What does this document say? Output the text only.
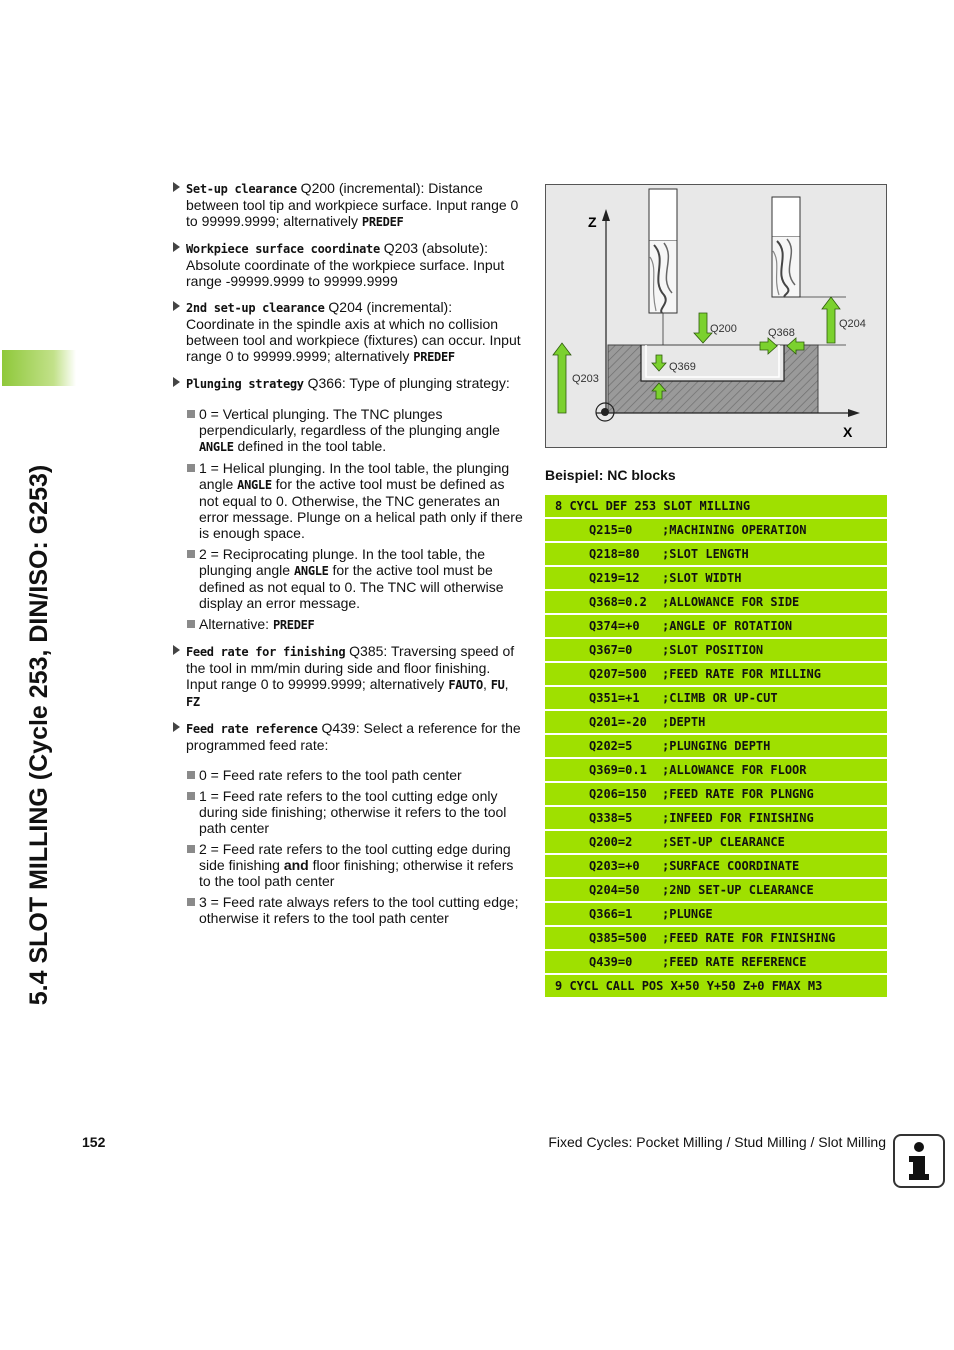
5.4 SLOT MILLING (Cycle 253, DIN/ISO: G253)
Set-up clearance Q200 (incremental): Distance between tool tip and workpiece surface. Input range 0 to 99999.9999; alternatively PREDEF
Workpiece surface coordinate Q203 (absolute): Absolute coordinate of the workpiece surface. Input range -99999.9999 to 99999.9999
2nd set-up clearance Q204 (incremental): Coordinate in the spindle axis at which no collision between tool and workpiece (fixtures) can occur. Input range 0 to 99999.9999; alternatively PREDEF
Plunging strategy Q366: Type of plunging strategy:
0 = Vertical plunging. The TNC plunges perpendicularly, regardless of the plunging angle ANGLE defined in the tool table.
1 = Helical plunging. In the tool table, the plunging angle ANGLE for the active tool must be defined as not equal to 0. Otherwise, the TNC generates an error message. Plunge on a helical path only if there is enough space.
2 = Reciprocating plunge. In the tool table, the plunging angle ANGLE for the active tool must be defined as not equal to 0. The TNC will otherwise display an error message.
Alternative: PREDEF
Feed rate for finishing Q385: Traversing speed of the tool in mm/min during side and floor finishing. Input range 0 to 99999.9999; alternatively FAUTO, FU, FZ
Feed rate reference Q439: Select a reference for the programmed feed rate:
0 = Feed rate refers to the tool path center
1 = Feed rate refers to the tool cutting edge only during side finishing; otherwise it refers to the tool path center
2 = Feed rate refers to the tool cutting edge during side finishing and floor finishing; otherwise it refers to the tool path center
3 = Feed rate always refers to the tool cutting edge; otherwise it refers to the tool path center
Z
X
Q200	Q368
Q204
Q369
Q203
Beispiel: NC blocks
8 CYCL DEF 253 SLOT MILLING
Q215=0 ;MACHINING OPERATION
Q218=80 ;SLOT LENGTH
Q219=12 ;SLOT WIDTH
Q368=0.2 ;ALLOWANCE FOR SIDE
Q374=+0 ;ANGLE OF ROTATION
Q367=0 ;SLOT POSITION
Q207=500 ;FEED RATE FOR MILLING
Q351=+1 ;CLIMB OR UP-CUT
Q201=-20 ;DEPTH
Q202=5 ;PLUNGING DEPTH
Q369=0.1 ;ALLOWANCE FOR FLOOR
Q206=150 ;FEED RATE FOR PLNGNG
Q338=5 ;INFEED FOR FINISHING
Q200=2 ;SET-UP CLEARANCE
Q203=+0 ;SURFACE COORDINATE
Q204=50 ;2ND SET-UP CLEARANCE
Q366=1 ;PLUNGE
Q385=500 ;FEED RATE FOR FINISHING
Q439=0 ;FEED RATE REFERENCE
9 CYCL CALL POS X+50 Y+50 Z+0 FMAX M3
152	Fixed Cycles: Pocket Milling / Stud Milling / Slot Milling
